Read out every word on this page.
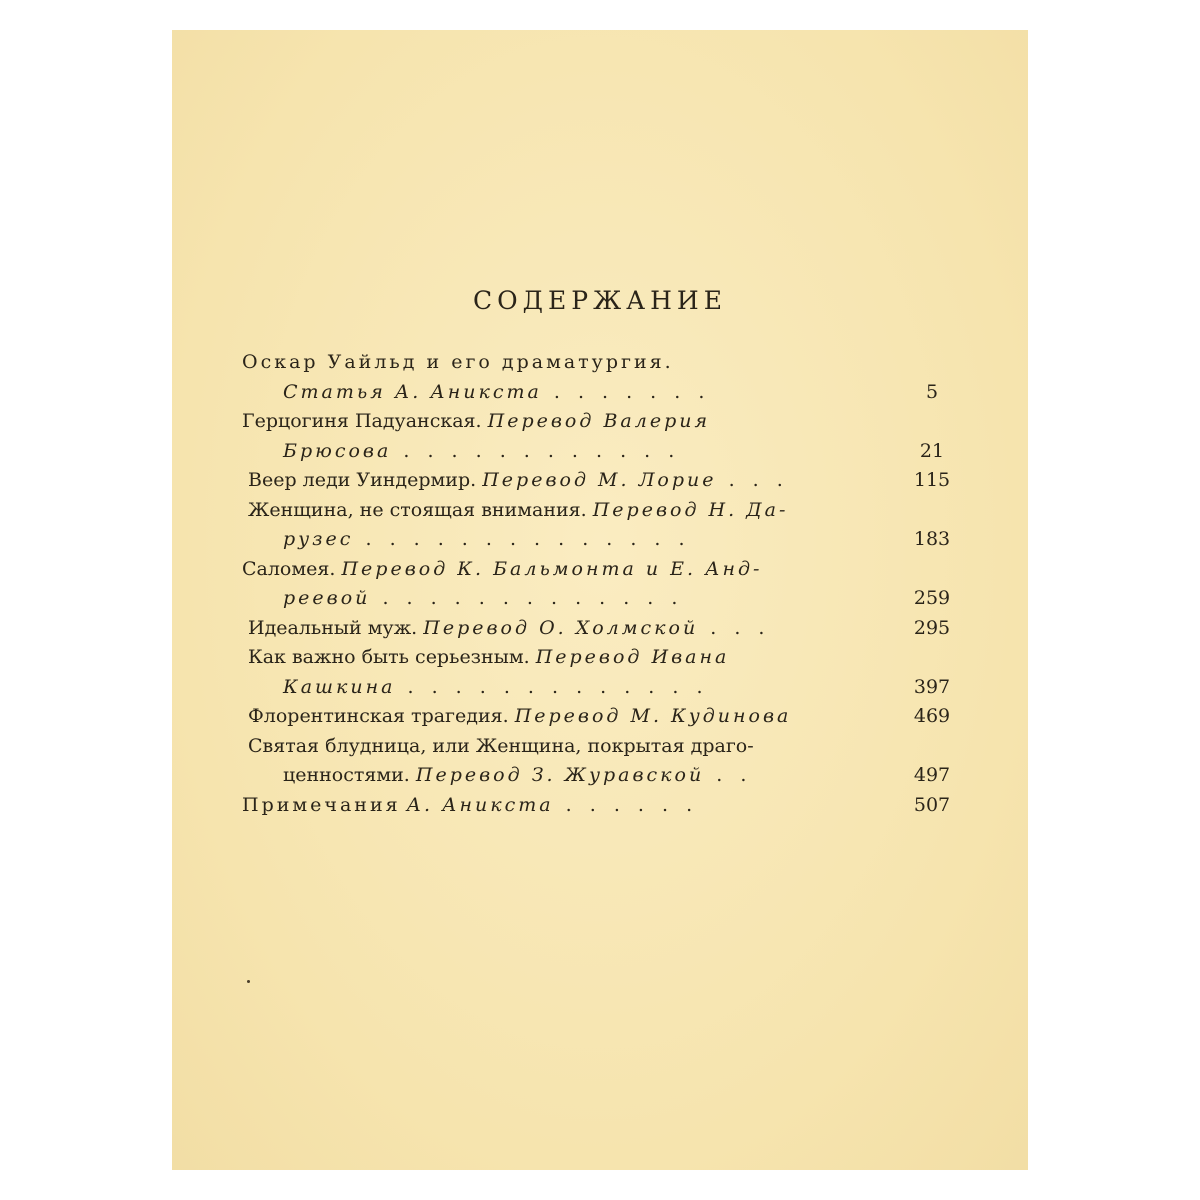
СОДЕРЖАНИЕ
Оскар Уайльд и его драматургия.
Статья А. Аникста . . . . . . .	5
Герцогиня Падуанская. Перевод Валерия
Брюсова . . . . . . . . . . . .	21
Веер леди Уиндермир. Перевод М. Лорие . . .	115
Женщина, не стоящая внимания. Перевод Н. Да-
рузес . . . . . . . . . . . . . .	183
Саломея. Перевод К. Бальмонта и Е. Анд-
реевой . . . . . . . . . . . . .	259
Идеальный муж. Перевод О. Холмской . . .	295
Как важно быть серьезным. Перевод Ивана
Кашкина . . . . . . . . . . . . .	397
Флорентинская трагедия. Перевод М. Кудинова	469
Святая блудница, или Женщина, покрытая драго-
ценностями. Перевод З. Журавской . .	497
Примечания А. Аникста . . . . . .	507
